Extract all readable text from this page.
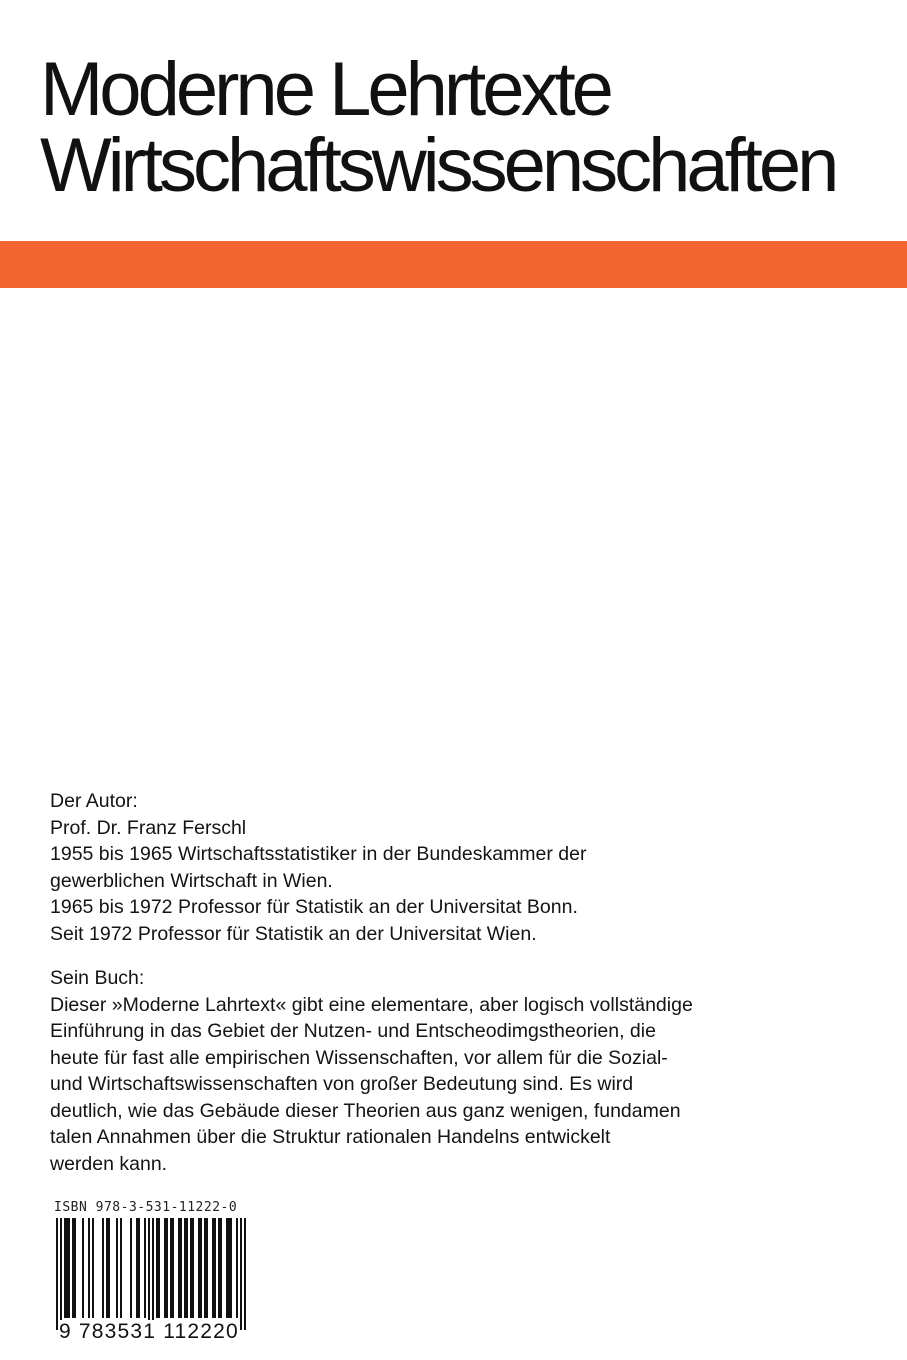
Moderne Lehrtexte
Wirtschaftswissenschaften

Der Autor:

Prof. Dr. Franz Ferschl

1955 bis 1965 Wirtschaftsstatistiker in der Bundeskammer der

gewerblichen Wirtschaft in Wien.

1965 bis 1972 Professor für Statistik an der Universitat Bonn.

Seit 1972 Professor für Statistik an der Universitat Wien.

Sein Buch:

Dieser »Moderne Lahrtext« gibt eine elementare, aber logisch vollständige

Einführung in das Gebiet der Nutzen- und Entscheodimgstheorien, die

heute für fast alle empirischen Wissenschaften, vor allem für die Sozial-

und Wirtschaftswissenschaften von großer Bedeutung sind. Es wird

deutlich, wie das Gebäude dieser Theorien aus ganz wenigen, fundamen

talen Annahmen über die Struktur rationalen Handelns entwickelt

werden kann.

ISBN 978-3-531-11222-0
9 783531 112220
